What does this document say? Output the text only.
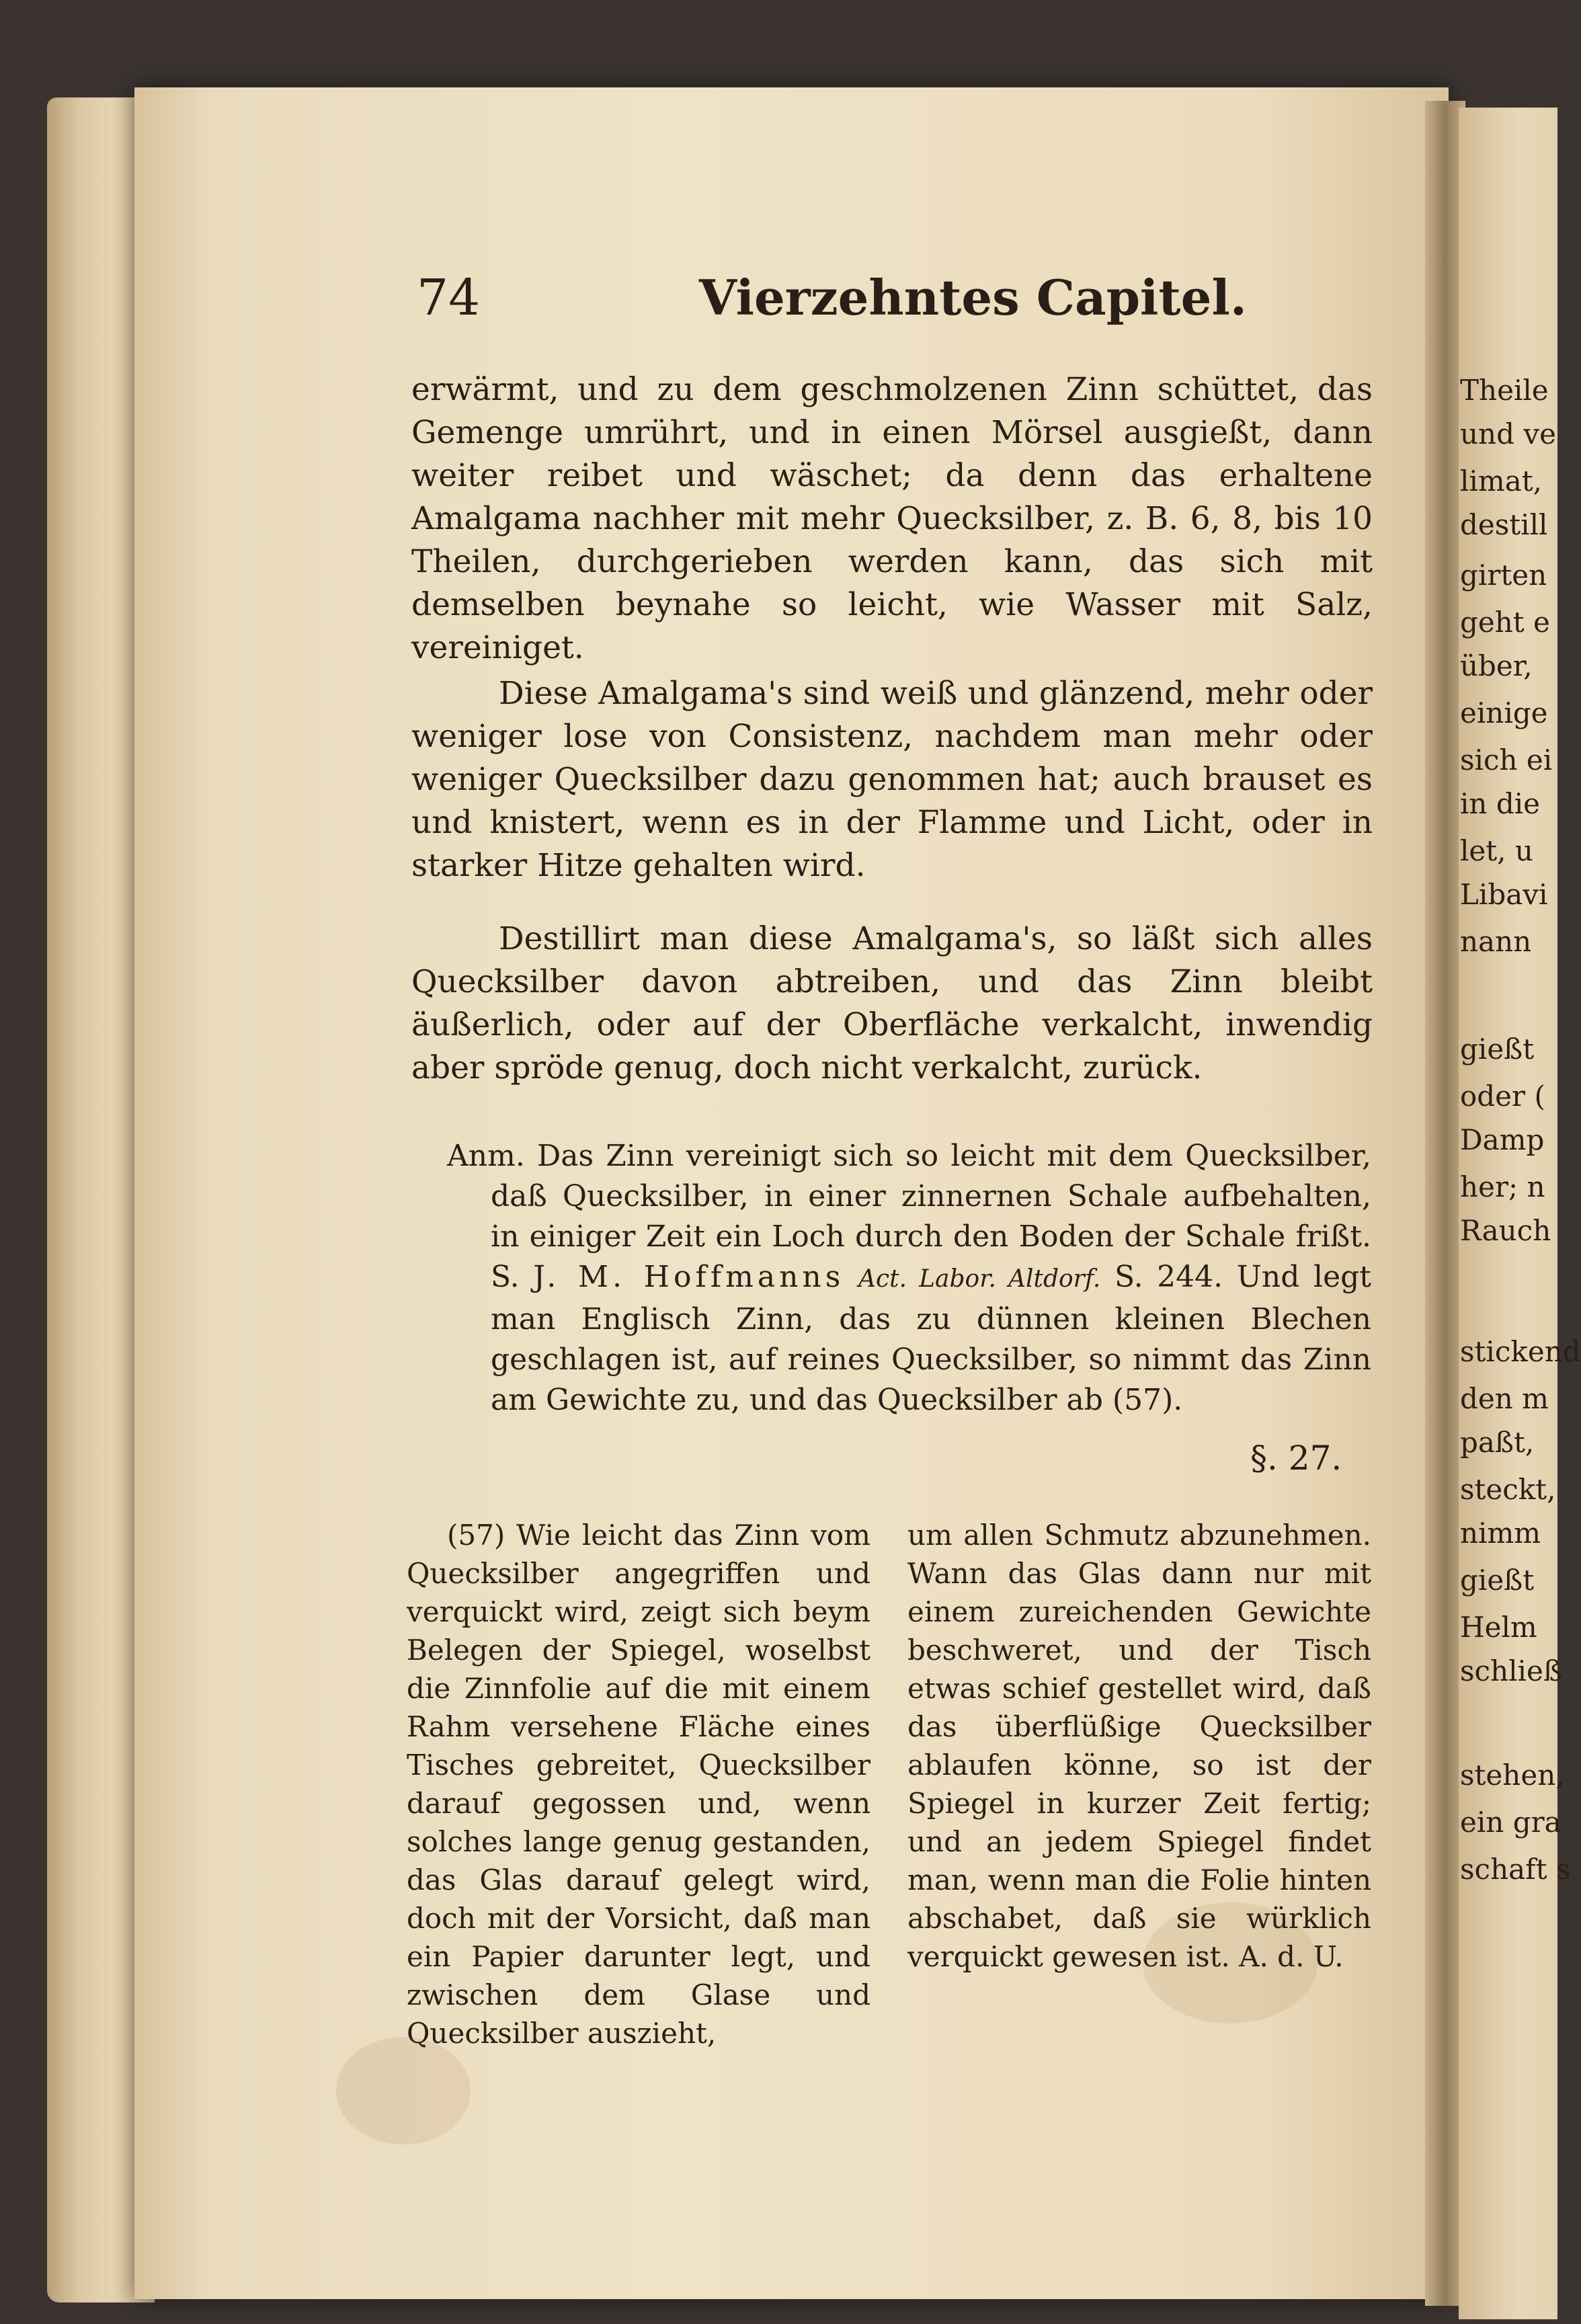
Theile
und ve
limat,
destill
girten
geht e
über,
einige
sich ei
in die
let, u
Libavi
nann
gießt
oder (
Damp
her; n
Rauch
stickend
den m
paßt,
steckt,
nimm
gießt
Helm
schließ
stehen,
ein gra
schaft s
74	Vierzehntes Capitel.

erwärmt, und zu dem geschmolzenen Zinn schüttet, das Gemenge umrührt, und in einen Mörsel ausgießt, dann weiter reibet und wäschet; da denn das erhaltene Amalgama nachher mit mehr Quecksilber, z. B. 6, 8, bis 10 Theilen, durchgerieben werden kann, das sich mit demselben beynahe so leicht, wie Wasser mit Salz, vereiniget.

Diese Amalgama's sind weiß und glänzend, mehr oder weniger lose von Consistenz, nachdem man mehr oder weniger Quecksilber dazu genommen hat; auch brauset es und knistert, wenn es in der Flamme und Licht, oder in starker Hitze gehalten wird.

Destillirt man diese Amalgama's, so läßt sich alles Quecksilber davon abtreiben, und das Zinn bleibt äußerlich, oder auf der Oberfläche verkalcht, inwendig aber spröde genug, doch nicht verkalcht, zurück.

Anm. Das Zinn vereinigt sich so leicht mit dem Quecksilber, daß Quecksilber, in einer zinnernen Schale aufbehalten, in einiger Zeit ein Loch durch den Boden der Schale frißt. S. J. M. Hoffmanns Act. Labor. Altdorf. S. 244. Und legt man Englisch Zinn, das zu dünnen kleinen Blechen geschlagen ist, auf reines Quecksilber, so nimmt das Zinn am Gewichte zu, und das Quecksilber ab (57).
§. 27.

(57) Wie leicht das Zinn vom Quecksilber angegriffen und verquickt wird, zeigt sich beym Belegen der Spiegel, woselbst die Zinnfolie auf die mit einem Rahm versehene Fläche eines Tisches gebreitet, Quecksilber darauf gegossen und, wenn solches lange genug gestanden, das Glas darauf gelegt wird, doch mit der Vorsicht, daß man ein Papier darunter legt, und zwischen dem Glase und Quecksilber auszieht,

um allen Schmutz abzunehmen. Wann das Glas dann nur mit einem zureichenden Gewichte beschweret, und der Tisch etwas schief gestellet wird, daß das überflüßige Quecksilber ablaufen könne, so ist der Spiegel in kurzer Zeit fertig; und an jedem Spiegel findet man, wenn man die Folie hinten abschabet, daß sie würklich verquickt gewesen ist. A. d. U.
